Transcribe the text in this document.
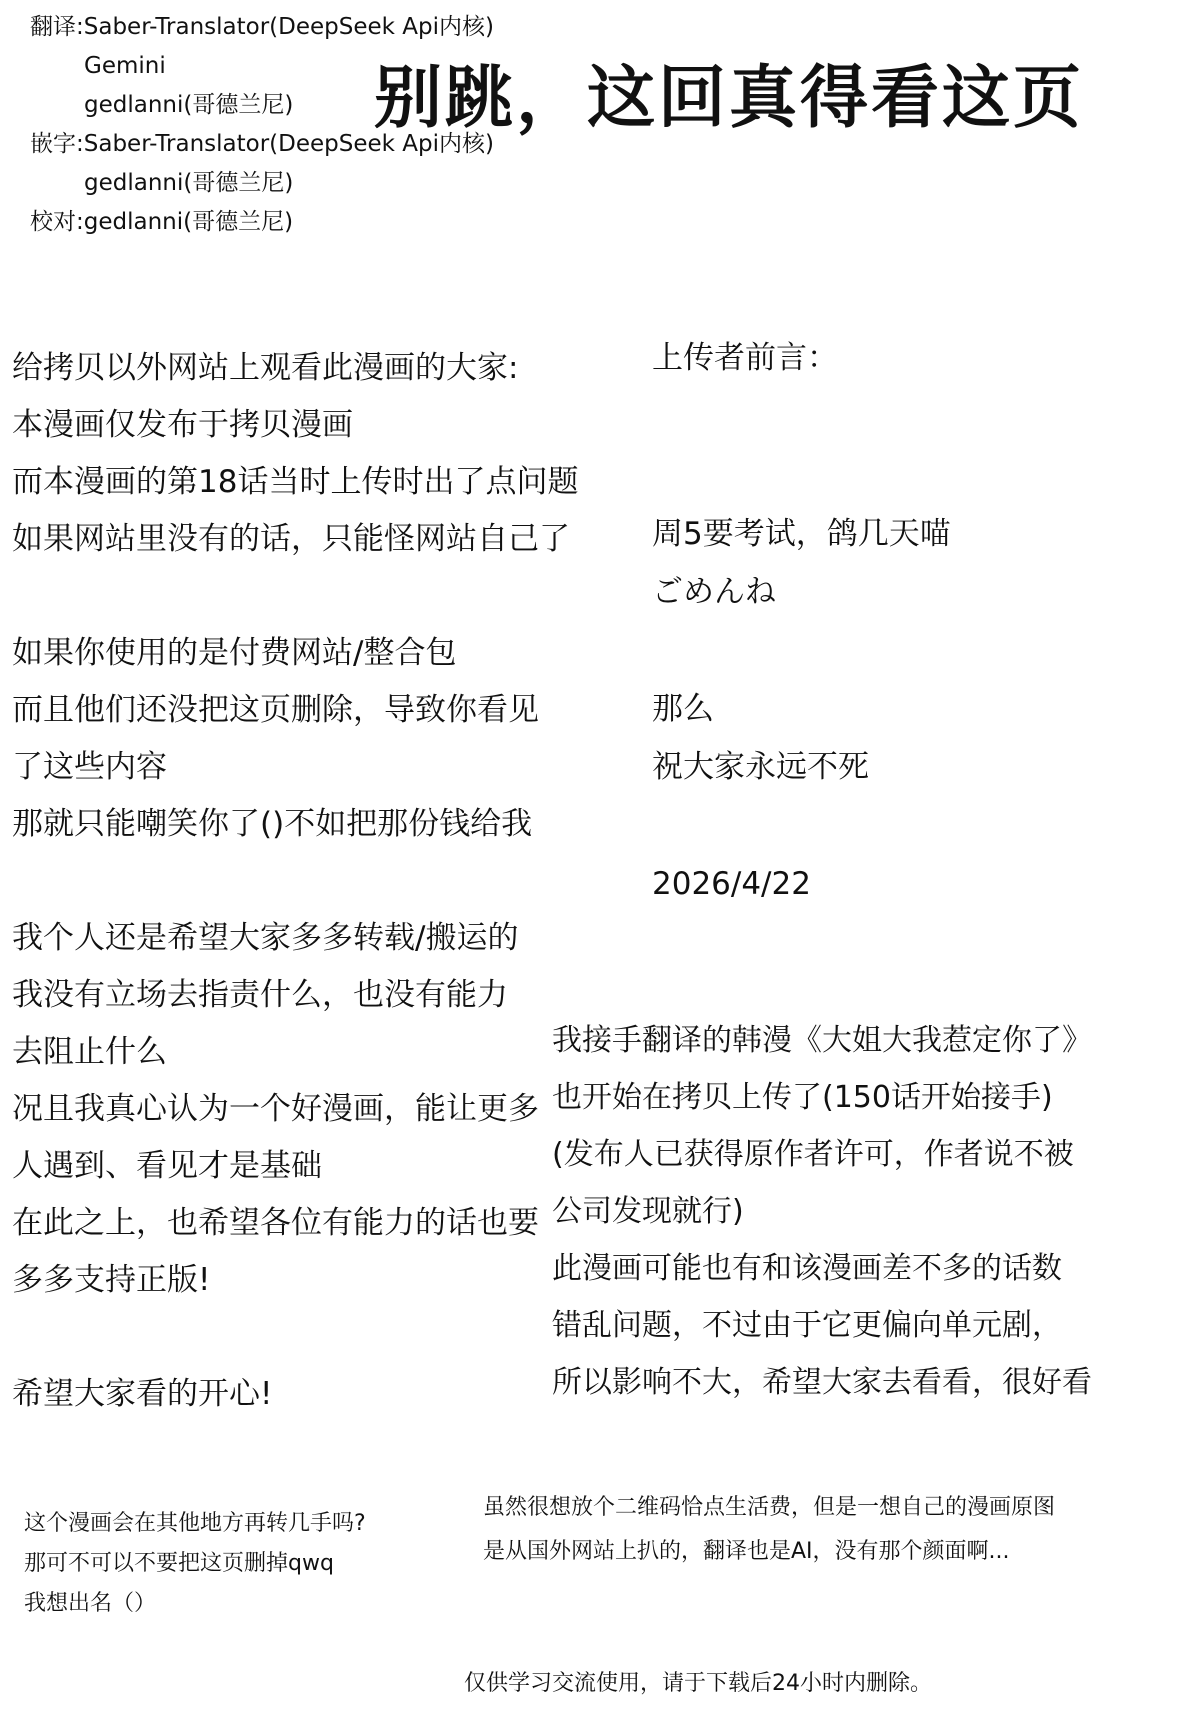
翻译:Saber-Translator(DeepSeek Api内核)
Gemini
gedlanni(哥德兰尼)
嵌字:Saber-Translator(DeepSeek Api内核)
gedlanni(哥德兰尼)
校对:gedlanni(哥德兰尼)
别跳，这回真得看这页
给拷贝以外网站上观看此漫画的大家:
本漫画仅发布于拷贝漫画
而本漫画的第18话当时上传时出了点问题
如果网站里没有的话，只能怪网站自己了
如果你使用的是付费网站/整合包
而且他们还没把这页删除，导致你看见
了这些内容
那就只能嘲笑你了()不如把那份钱给我
我个人还是希望大家多多转载/搬运的
我没有立场去指责什么，也没有能力
去阻止什么
况且我真心认为一个好漫画，能让更多
人遇到、看见才是基础
在此之上，也希望各位有能力的话也要
多多支持正版!
希望大家看的开心!
上传者前言：
周5要考试，鸽几天喵
ごめんね
那么
祝大家永远不死
2026/4/22
我接手翻译的韩漫《大姐大我惹定你了》
也开始在拷贝上传了(150话开始接手)
(发布人已获得原作者许可，作者说不被
公司发现就行)
此漫画可能也有和该漫画差不多的话数
错乱问题，不过由于它更偏向单元剧，
所以影响不大，希望大家去看看，很好看
这个漫画会在其他地方再转几手吗?
那可不可以不要把这页删掉qwq
我想出名（）
虽然很想放个二维码恰点生活费，但是一想自己的漫画原图
是从国外网站上扒的，翻译也是AI，没有那个颜面啊...
仅供学习交流使用，请于下载后24小时内删除。
